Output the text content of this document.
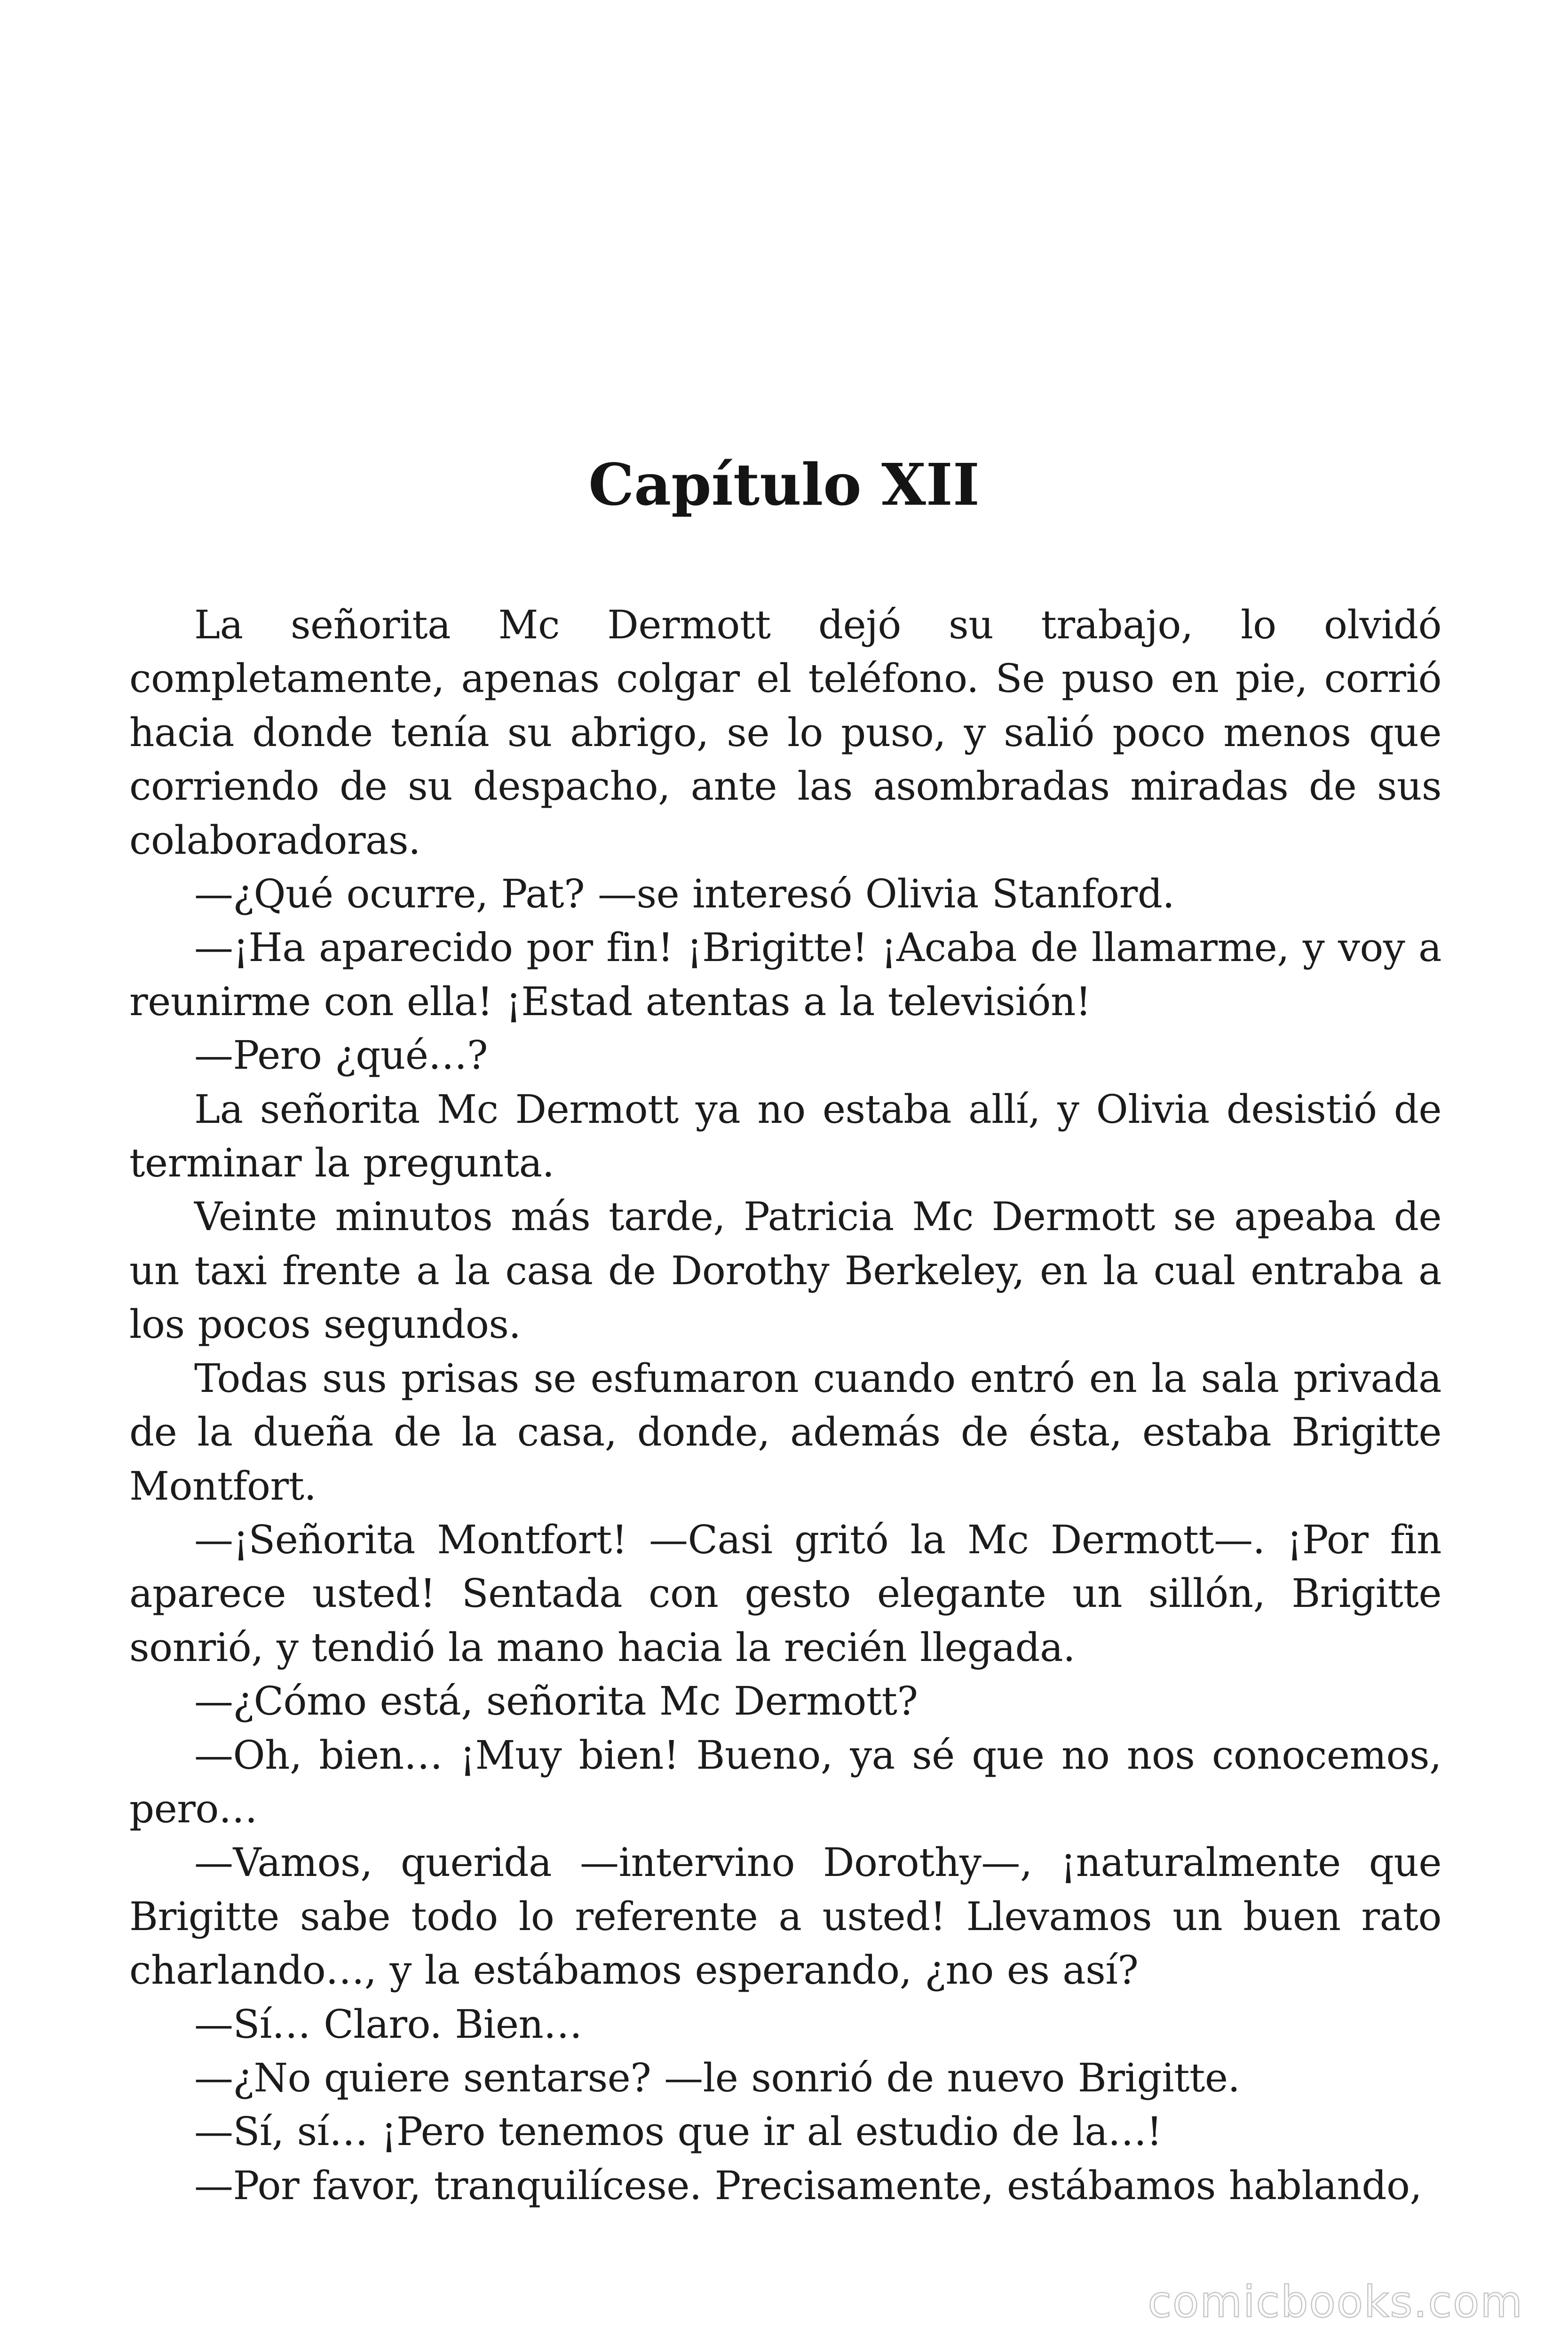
Capítulo XII

La señorita Mc Dermott dejó su trabajo, lo olvidó completamente, apenas colgar el teléfono. Se puso en pie, corrió hacia donde tenía su abrigo, se lo puso, y salió poco menos que corriendo de su despacho, ante las asombradas miradas de sus colaboradoras.

—¿Qué ocurre, Pat? —se interesó Olivia Stanford.

—¡Ha aparecido por fin! ¡Brigitte! ¡Acaba de llamarme, y voy a reunirme con ella! ¡Estad atentas a la televisión!

—Pero ¿qué…?

La señorita Mc Dermott ya no estaba allí, y Olivia desistió de terminar la pregunta.

Veinte minutos más tarde, Patricia Mc Dermott se apeaba de un taxi frente a la casa de Dorothy Berkeley, en la cual entraba a los pocos segundos.

Todas sus prisas se esfumaron cuando entró en la sala privada de la dueña de la casa, donde, además de ésta, estaba Brigitte Montfort.

—¡Señorita Montfort! —Casi gritó la Mc Dermott—. ¡Por fin aparece usted! Sentada con gesto elegante un sillón, Brigitte sonrió, y tendió la mano hacia la recién llegada.

—¿Cómo está, señorita Mc Dermott?

—Oh, bien… ¡Muy bien! Bueno, ya sé que no nos conocemos, pero…

—Vamos, querida —intervino Dorothy—, ¡naturalmente que Brigitte sabe todo lo referente a usted! Llevamos un buen rato charlando…, y la estábamos esperando, ¿no es así?

—Sí… Claro. Bien…

—¿No quiere sentarse? —le sonrió de nuevo Brigitte.

—Sí, sí… ¡Pero tenemos que ir al estudio de la…!

—Por favor, tranquilícese. Precisamente, estábamos hablando,

comicbooks.com
